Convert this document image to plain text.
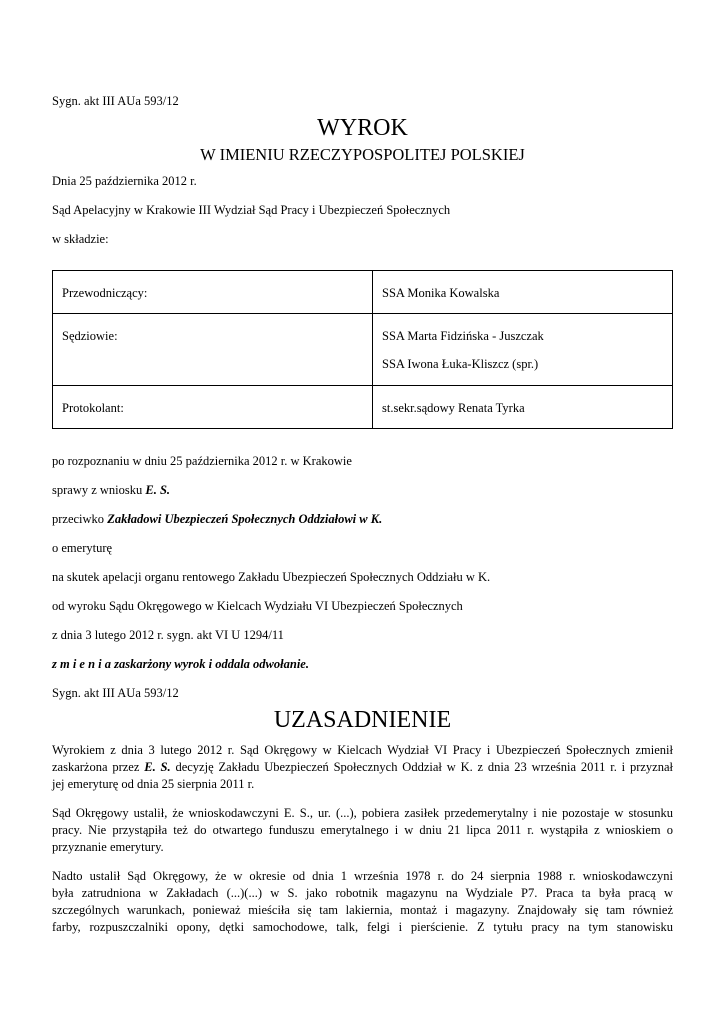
Sygn. akt III AUa 593/12
WYROK
W IMIENIU RZECZYPOSPOLITEJ POLSKIEJ
Dnia 25 października 2012 r.
Sąd Apelacyjny w Krakowie III Wydział Sąd Pracy i Ubezpieczeń Społecznych
w składzie:
Przewodniczący:	SSA Monika Kowalska

Sędziowie:	SSA Marta Fidzińska - Juszczak
SSA Iwona Łuka-Kliszcz (spr.)

Protokolant:	st.sekr.sądowy Renata Tyrka
po rozpoznaniu w dniu 25 października 2012 r. w Krakowie
sprawy z wniosku E. S.
przeciwko Zakładowi Ubezpieczeń Społecznych Oddziałowi w K.
o emeryturę
na skutek apelacji organu rentowego Zakładu Ubezpieczeń Społecznych Oddziału w K.
od wyroku Sądu Okręgowego w Kielcach Wydziału VI Ubezpieczeń Społecznych
z dnia 3 lutego 2012 r. sygn. akt VI U 1294/11
z m i e n i a zaskarżony wyrok i oddala odwołanie.
Sygn. akt III AUa 593/12
UZASADNIENIE
Wyrokiem z dnia 3 lutego 2012 r. Sąd Okręgowy w Kielcach Wydział VI Pracy i Ubezpieczeń Społecznych zmienił
zaskarżona przez E. S. decyzję Zakładu Ubezpieczeń Społecznych Oddział w K. z dnia 23 września 2011 r. i przyznał
jej emeryturę od dnia 25 sierpnia 2011 r.
Sąd Okręgowy ustalił, że wnioskodawczyni E. S., ur. (...), pobiera zasiłek przedemerytalny i nie pozostaje w stosunku
pracy. Nie przystąpiła też do otwartego funduszu emerytalnego i w dniu 21 lipca 2011 r. wystąpiła z wnioskiem o
przyznanie emerytury.
Nadto ustalił Sąd Okręgowy, że w okresie od dnia 1 września 1978 r. do 24 sierpnia 1988 r. wnioskodawczyni
była zatrudniona w Zakładach (...)(...) w S. jako robotnik magazynu na Wydziale P7. Praca ta była pracą w
szczególnych warunkach, ponieważ mieściła się tam lakiernia, montaż i magazyny. Znajdowały się tam również
farby, rozpuszczalniki opony, dętki samochodowe, talk, felgi i pierścienie. Z tytułu pracy na tym stanowisku
